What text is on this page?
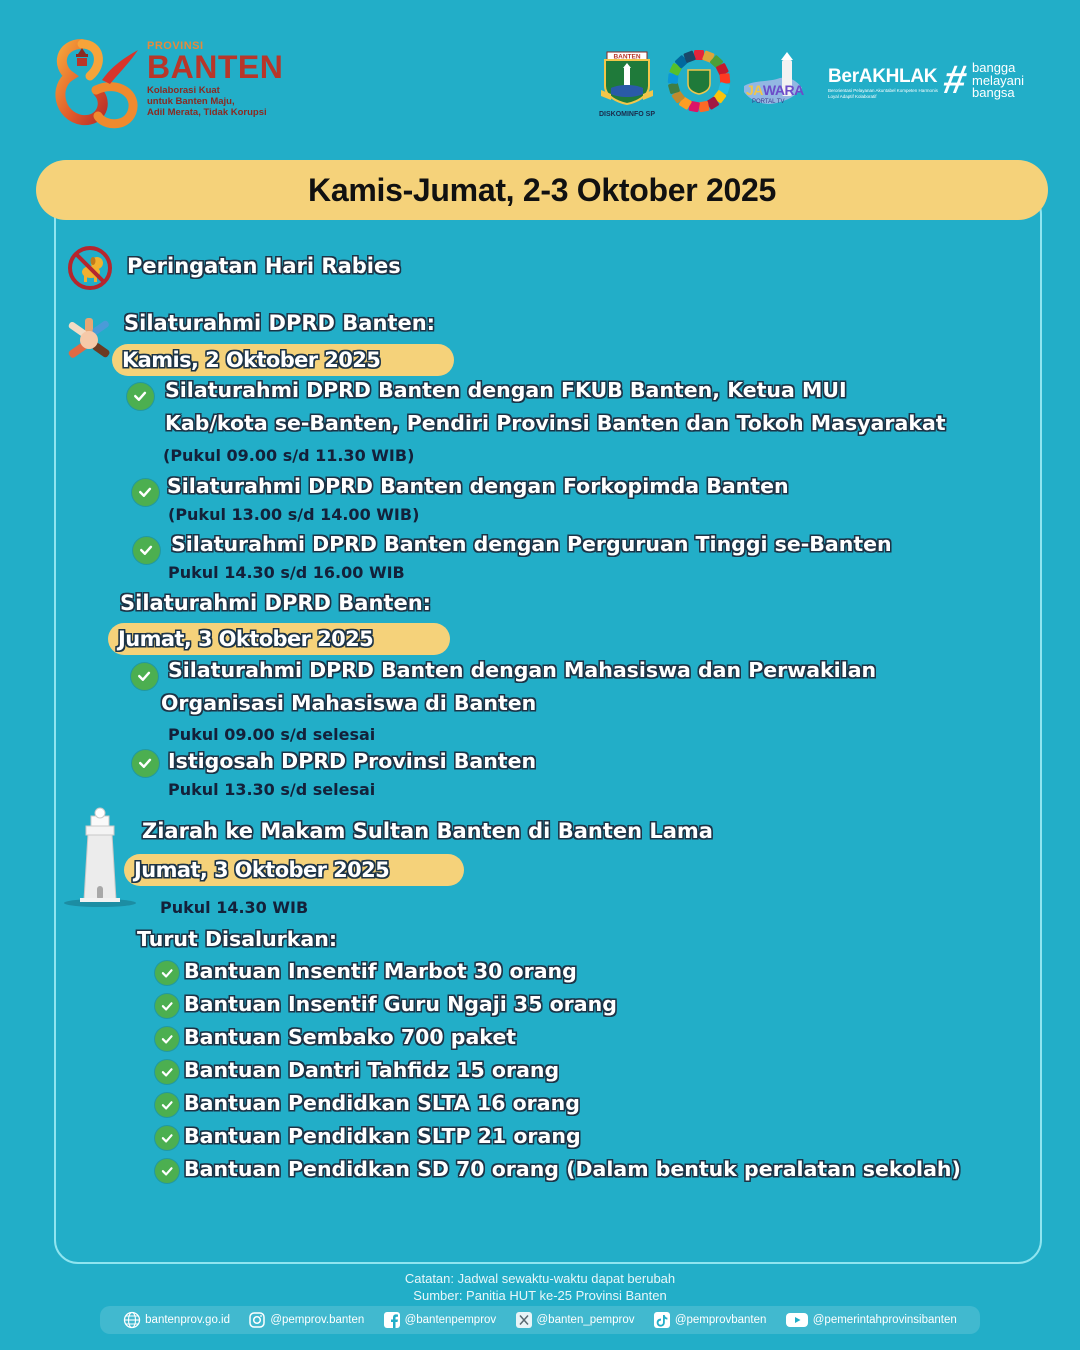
PROVINSI
BANTEN
Kolaborasi Kuat
untuk Banten Maju,
Adil Merata, Tidak Korupsi
BANTEN
DISKOMINFO SP
JAWARA
PORTAL TV
BerAKHLAK
Berorientasi Pelayanan Akuntabel Kompeten Harmonis Loyal Adaptif Kolaboratif	# bangga
melayani
bangsa
Kamis-Jumat, 2-3 Oktober 2025
Peringatan Hari Rabies
Silaturahmi DPRD Banten:
Kamis, 2 Oktober 2025
Silaturahmi DPRD Banten dengan FKUB Banten, Ketua MUI
Kab/kota se-Banten, Pendiri Provinsi Banten dan Tokoh Masyarakat
(Pukul 09.00 s/d 11.30 WIB)
Silaturahmi DPRD Banten dengan Forkopimda Banten
(Pukul 13.00 s/d 14.00 WIB)
Silaturahmi DPRD Banten dengan Perguruan Tinggi se-Banten
Pukul 14.30 s/d 16.00 WIB
Silaturahmi DPRD Banten:
Jumat, 3 Oktober 2025
Silaturahmi DPRD Banten dengan Mahasiswa dan Perwakilan
Organisasi Mahasiswa di Banten
Pukul 09.00 s/d selesai
Istigosah DPRD Provinsi Banten
Pukul 13.30 s/d selesai
Ziarah ke Makam Sultan Banten di Banten Lama
Jumat, 3 Oktober 2025
Pukul 14.30 WIB
Turut Disalurkan:
Bantuan Insentif Marbot 30 orang
Bantuan Insentif Guru Ngaji 35 orang
Bantuan Sembako 700 paket
Bantuan Dantri Tahfidz 15 orang
Bantuan Pendidkan SLTA 16 orang
Bantuan Pendidkan SLTP 21 orang
Bantuan Pendidkan SD 70 orang (Dalam bentuk peralatan sekolah)
Catatan: Jadwal sewaktu-waktu dapat berubah
Sumber: Panitia HUT ke-25 Provinsi Banten
bantenprov.go.id	@pemprov.banten	@bantenpemprov	@banten_pemprov	@pemprovbanten	@pemerintahprovinsibanten
